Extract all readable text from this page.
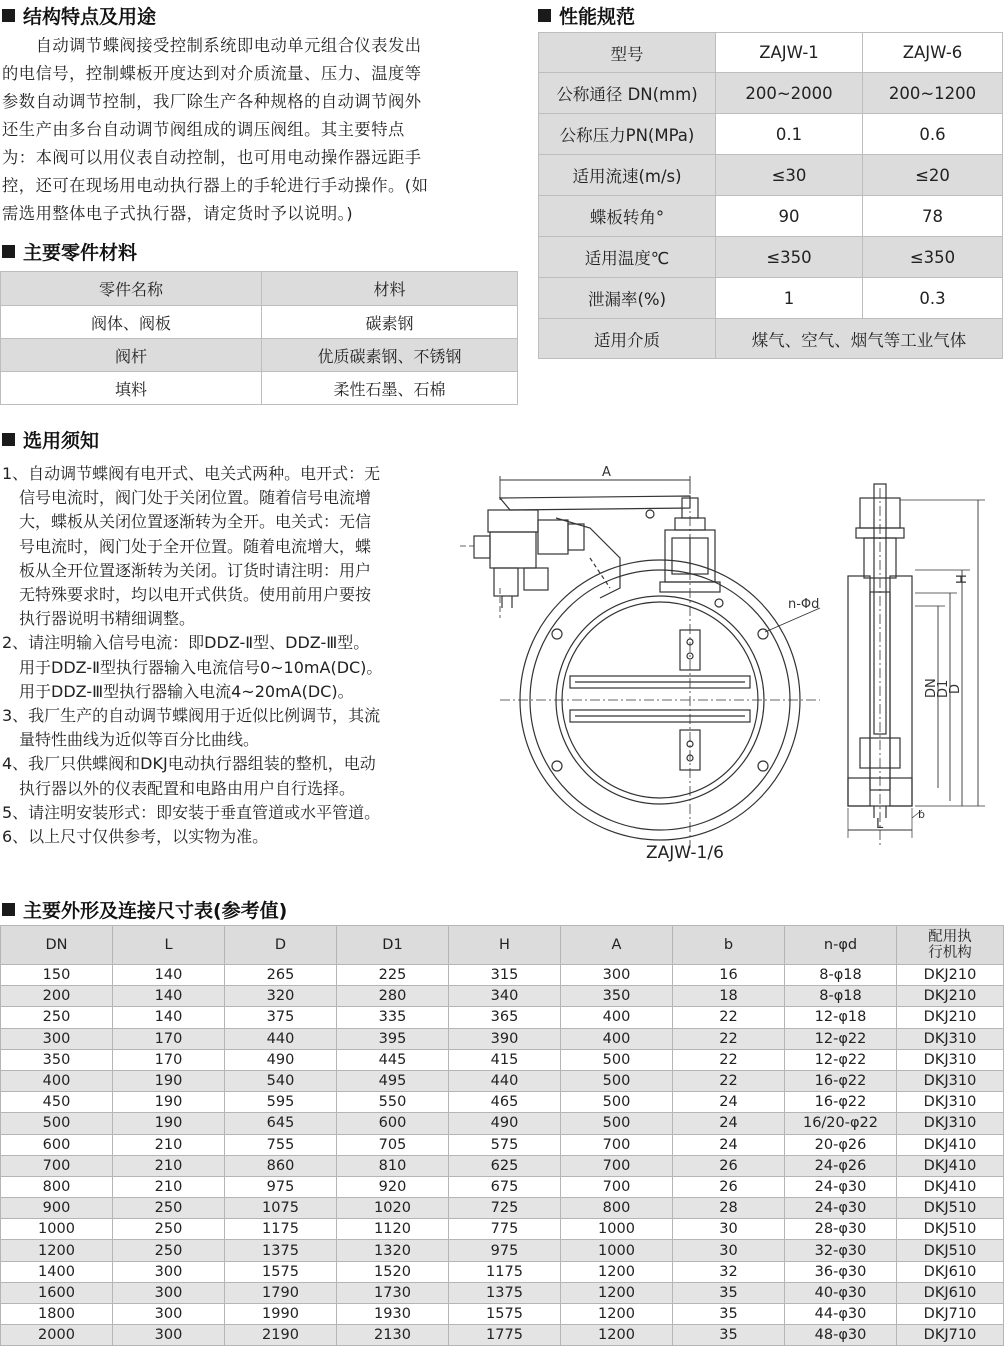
结构特点及用途

　　自动调节蝶阀接受控制系统即电动单元组合仪表发出

的电信号，控制蝶板开度达到对介质流量、压力、温度等

参数自动调节控制，我厂除生产各种规格的自动调节阀外

还生产由多台自动调节阀组成的调压阀组。其主要特点

为：本阀可以用仪表自动控制，也可用电动操作器远距手

控，还可在现场用电动执行器上的手轮进行手动操作。(如

需选用整体电子式执行器，请定货时予以说明。)

主要零件材料
零件名称	材料
阀体、阀板	碳素钢
阀杆	优质碳素钢、不锈钢
填料	柔性石墨、石棉
性能规范
型号	ZAJW-1	ZAJW-6
公称通径 DN(mm)	200~2000	200~1200
公称压力PN(MPa)	0.1	0.6
适用流速(m/s)	≤30	≤20
蝶板转角°	90	78
适用温度℃	≤350	≤350
泄漏率(%)	1	0.3
适用介质	煤气、空气、烟气等工业气体	
选用须知
1、自动调节蝶阀有电开式、电关式两种。电开式：无
信号电流时，阀门处于关闭位置。随着信号电流增
大，蝶板从关闭位置逐渐转为全开。电关式：无信
号电流时，阀门处于全开位置。随着电流增大，蝶
板从全开位置逐渐转为关闭。订货时请注明：用户
无特殊要求时，均以电开式供货。使用前用户要按
执行器说明书精细调整。
2、请注明输入信号电流：即DDZ-Ⅱ型、DDZ-Ⅲ型。
用于DDZ-Ⅱ型执行器输入电流信号0~10mA(DC)。
用于DDZ-Ⅲ型执行器输入电流4~20mA(DC)。
3、我厂生产的自动调节蝶阀用于近似比例调节，其流
量特性曲线为近似等百分比曲线。
4、我厂只供蝶阀和DKJ电动执行器组装的整机，电动
执行器以外的仪表配置和电路由用户自行选择。
5、请注明安装形式：即安装于垂直管道或水平管道。
6、以上尺寸仅供参考，以实物为准。
A
n-Φd
H
DN
D1
D
L
b
ZAJW-1/6
主要外形及连接尺寸表(参考值)
DN	L	D	D1	H	A	b	n-φd	配用执
行机构
150	140	265	225	315	300	16	8-φ18	DKJ210
200	140	320	280	340	350	18	8-φ18	DKJ210
250	140	375	335	365	400	22	12-φ18	DKJ210
300	170	440	395	390	400	22	12-φ22	DKJ310
350	170	490	445	415	500	22	12-φ22	DKJ310
400	190	540	495	440	500	22	16-φ22	DKJ310
450	190	595	550	465	500	24	16-φ22	DKJ310
500	190	645	600	490	500	24	16/20-φ22	DKJ310
600	210	755	705	575	700	24	20-φ26	DKJ410
700	210	860	810	625	700	26	24-φ26	DKJ410
800	210	975	920	675	700	26	24-φ30	DKJ410
900	250	1075	1020	725	800	28	24-φ30	DKJ510
1000	250	1175	1120	775	1000	30	28-φ30	DKJ510
1200	250	1375	1320	975	1000	30	32-φ30	DKJ510
1400	300	1575	1520	1175	1200	32	36-φ30	DKJ610
1600	300	1790	1730	1375	1200	35	40-φ30	DKJ610
1800	300	1990	1930	1575	1200	35	44-φ30	DKJ710
2000	300	2190	2130	1775	1200	35	48-φ30	DKJ710
